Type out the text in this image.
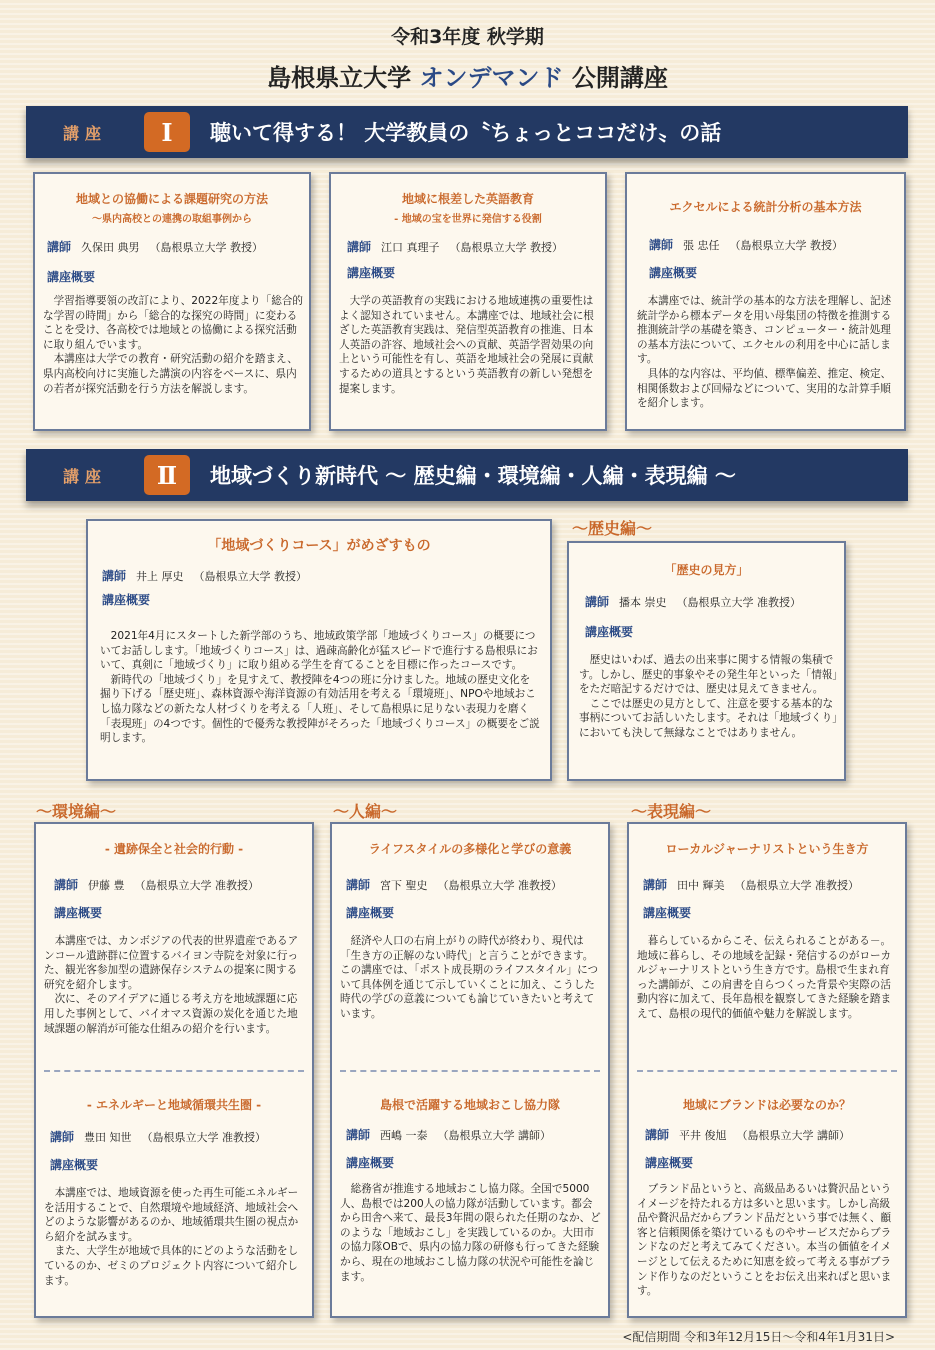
令和3年度 秋学期
島根県立大学 オンデマンド 公開講座
講座	Ⅰ	聴いて得する！ 大学教員の〝ちょっとココだけ〟の話
地域との協働による課題研究の方法
～県内高校との連携の取組事例から
講師 久保田 典男 （島根県立大学 教授）
講座概要

学習指導要領の改訂により、2022年度より「総合的な学習の時間」から「総合的な探究の時間」に変わることを受け、各高校では地域との協働による探究活動に取り組んでいます。

本講座は大学での教育・研究活動の紹介を踏まえ、県内高校向けに実施した講演の内容をベースに、県内の若者が探究活動を行う方法を解説します。

地域に根差した英語教育
- 地域の宝を世界に発信する役割
講師 江口 真理子 （島根県立大学 教授）
講座概要

大学の英語教育の実践における地域連携の重要性はよく認知されていません。本講座では、地域社会に根ざした英語教育実践は、発信型英語教育の推進、日本人英語の許容、地域社会への貢献、英語学習効果の向上という可能性を有し、英語を地域社会の発展に貢献するための道具とするという英語教育の新しい発想を提案します。

エクセルによる統計分析の基本方法
講師 張 忠任 （島根県立大学 教授）
講座概要

本講座では、統計学の基本的な方法を理解し、記述統計学から標本データを用い母集団の特徴を推測する推測統計学の基礎を築き、コンピューター・統計処理の基本方法について、エクセルの利用を中心に話します。

具体的な内容は、平均値、標準偏差、推定、検定、相関係数および回帰などについて、実用的な計算手順を紹介します。

講座	Ⅱ	地域づくり新時代 ～ 歴史編・環境編・人編・表現編 ～
「地域づくりコース」がめざすもの
講師 井上 厚史 （島根県立大学 教授）
講座概要

2021年4月にスタートした新学部のうち、地域政策学部「地域づくりコース」の概要についてお話しします。「地域づくりコース」は、過疎高齢化が猛スピードで進行する島根県において、真剣に「地域づくり」に取り組める学生を育てることを目標に作ったコースです。

新時代の「地域づくり」を見すえて、教授陣を4つの班に分けました。地域の歴史文化を掘り下げる「歴史班」、森林資源や海洋資源の有効活用を考える「環境班」、NPOや地域おこし協力隊などの新たな人材づくりを考える「人班」、そして島根県に足りない表現力を磨く「表現班」の4つです。個性的で優秀な教授陣がそろった「地域づくりコース」の概要をご説明します。

～歴史編～
「歴史の見方」
講師 播本 崇史 （島根県立大学 准教授）
講座概要

歴史はいわば、過去の出来事に関する情報の集積です。しかし、歴史的事象やその発生年といった「情報」をただ暗記するだけでは、歴史は見えてきません。

ここでは歴史の見方として、注意を要する基本的な事柄についてお話しいたします。それは「地域づくり」においても決して無縁なことではありません。

～環境編～	～人編～	～表現編～
- 遺跡保全と社会的行動 -
講師 伊藤 豊 （島根県立大学 准教授）
講座概要

本講座では、カンボジアの代表的世界遺産であるアンコール遺跡群に位置するバイヨン寺院を対象に行った、観光客参加型の遺跡保存システムの提案に関する研究を紹介します。

次に、そのアイデアに通じる考え方を地域課題に応用した事例として、バイオマス資源の炭化を通じた地域課題の解消が可能な仕組みの紹介を行います。

- エネルギーと地域循環共生圏 -
講師 豊田 知世 （島根県立大学 准教授）
講座概要

本講座では、地域資源を使った再生可能エネルギーを活用することで、自然環境や地域経済、地域社会へどのような影響があるのか、地域循環共生圏の視点から紹介を試みます。

また、大学生が地域で具体的にどのような活動をしているのか、ゼミのプロジェクト内容について紹介します。

ライフスタイルの多様化と学びの意義
講師 宮下 聖史 （島根県立大学 准教授）
講座概要

経済や人口の右肩上がりの時代が終わり、現代は「生き方の正解のない時代」と言うことができます。この講座では、「ポスト成長期のライフスタイル」について具体例を通じて示していくことに加え、こうした時代の学びの意義についても論じていきたいと考えています。

島根で活躍する地域おこし協力隊
講師 西嶋 一泰 （島根県立大学 講師）
講座概要

総務省が推進する地域おこし協力隊。全国で5000人、島根では200人の協力隊が活動しています。都会から田舎へ来て、最長3年間の限られた任期のなか、どのような「地域おこし」を実践しているのか。大田市の協力隊OBで、県内の協力隊の研修も行ってきた経験から、現在の地域おこし協力隊の状況や可能性を論じます。

ローカルジャーナリストという生き方
講師 田中 輝美 （島根県立大学 准教授）
講座概要

暮らしているからこそ、伝えられることがある－。地域に暮らし、その地域を記録・発信するのがローカルジャーナリストという生き方です。島根で生まれ育った講師が、この肩書を自らつくった背景や実際の活動内容に加えて、長年島根を観察してきた経験を踏まえて、島根の現代的価値や魅力を解説します。

地域にブランドは必要なのか？
講師 平井 俊旭 （島根県立大学 講師）
講座概要

ブランド品というと、高級品あるいは贅沢品というイメージを持たれる方は多いと思います。しかし高級品や贅沢品だからブランド品だという事では無く、顧客と信頼関係を築けているものやサービスだからブランドなのだと考えてみてください。本当の価値をイメージとして伝えるために知恵を絞って考える事がブランド作りなのだということをお伝え出来ればと思います。

<配信期間 令和3年12月15日～令和4年1月31日>
